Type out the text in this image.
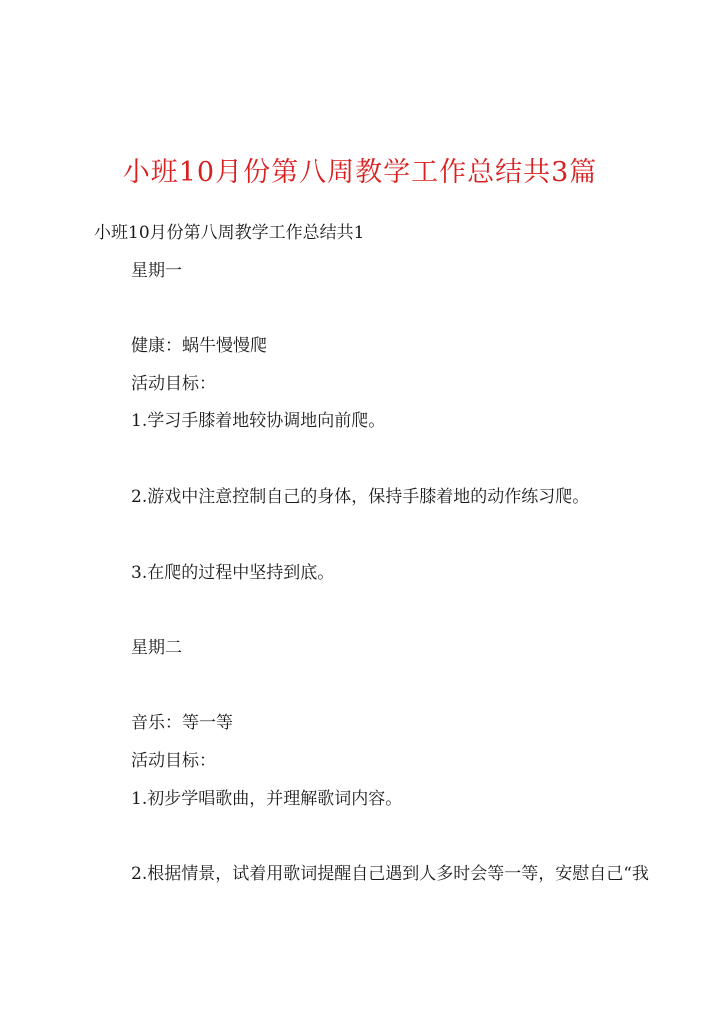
小班10月份第八周教学工作总结共3篇
小班10月份第八周教学工作总结共1
星期一
健康：蜗牛慢慢爬
活动目标：
1.学习手膝着地较协调地向前爬。
2.游戏中注意控制自己的身体，保持手膝着地的动作练习爬。
3.在爬的过程中坚持到底。
星期二
音乐：等一等
活动目标：
1.初步学唱歌曲，并理解歌词内容。
2.根据情景，试着用歌词提醒自己遇到人多时会等一等，安慰自己“我
